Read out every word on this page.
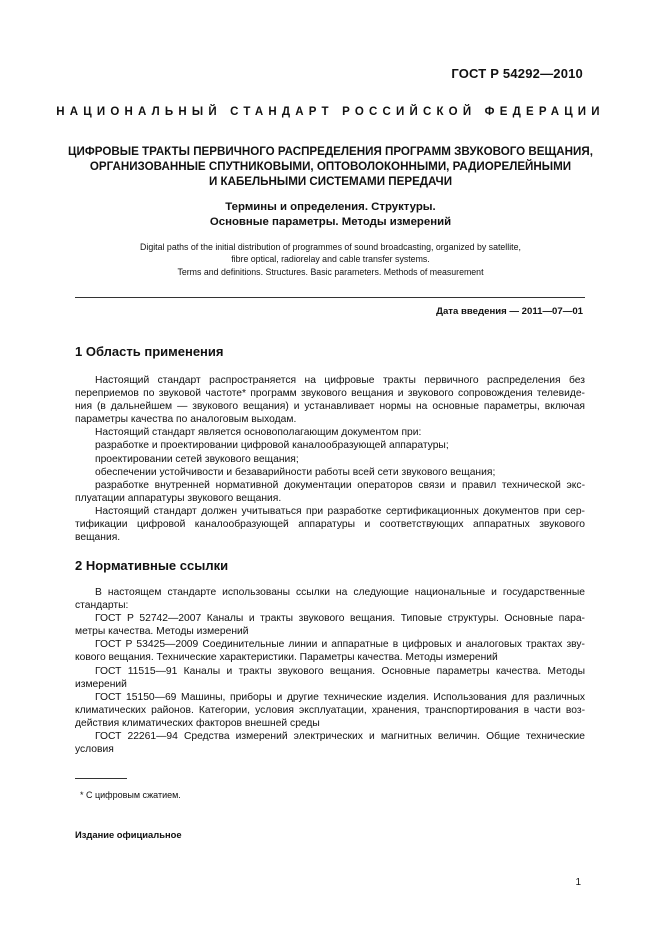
ГОСТ Р 54292—2010
НАЦИОНАЛЬНЫЙ СТАНДАРТ РОССИЙСКОЙ ФЕДЕРАЦИИ
ЦИФРОВЫЕ ТРАКТЫ ПЕРВИЧНОГО РАСПРЕДЕЛЕНИЯ ПРОГРАММ ЗВУКОВОГО ВЕЩАНИЯ,
ОРГАНИЗОВАННЫЕ СПУТНИКОВЫМИ, ОПТОВОЛОКОННЫМИ, РАДИОРЕЛЕЙНЫМИ
И КАБЕЛЬНЫМИ СИСТЕМАМИ ПЕРЕДАЧИ
Термины и определения. Структуры.
Основные параметры. Методы измерений
Digital paths of the initial distribution of programmes of sound broadcasting, organized by satellite,
fibre optical, radiorelay and cable transfer systems.
Terms and definitions. Structures. Basic parameters. Methods of measurement
Дата введения — 2011—07—01
1 Область применения
Настоящий стандарт распространяется на цифровые тракты первичного распределения без
переприемов по звуковой частоте* программ звукового вещания и звукового сопровождения телевиде-
ния (в дальнейшем — звукового вещания) и устанавливает нормы на основные параметры, включая
параметры качества по аналоговым выходам.
Настоящий стандарт является основополагающим документом при:
разработке и проектировании цифровой каналообразующей аппаратуры;
проектировании сетей звукового вещания;
обеспечении устойчивости и безаварийности работы всей сети звукового вещания;
разработке внутренней нормативной документации операторов связи и правил технической экс-
плуатации аппаратуры звукового вещания.
Настоящий стандарт должен учитываться при разработке сертификационных документов при сер-
тификации цифровой каналообразующей аппаратуры и соответствующих аппаратных звукового
вещания.
2 Нормативные ссылки
В настоящем стандарте использованы ссылки на следующие национальные и государственные
стандарты:
ГОСТ Р 52742—2007 Каналы и тракты звукового вещания. Типовые структуры. Основные пара-
метры качества. Методы измерений
ГОСТ Р 53425—2009 Соединительные линии и аппаратные в цифровых и аналоговых трактах зву-
кового вещания. Технические характеристики. Параметры качества. Методы измерений
ГОСТ 11515—91 Каналы и тракты звукового вещания. Основные параметры качества. Методы
измерений
ГОСТ 15150—69 Машины, приборы и другие технические изделия. Использования для различных
климатических районов. Категории, условия эксплуатации, хранения, транспортирования в части воз-
действия климатических факторов внешней среды
ГОСТ 22261—94 Средства измерений электрических и магнитных величин. Общие технические
условия
* С цифровым сжатием.
Издание официальное
1
